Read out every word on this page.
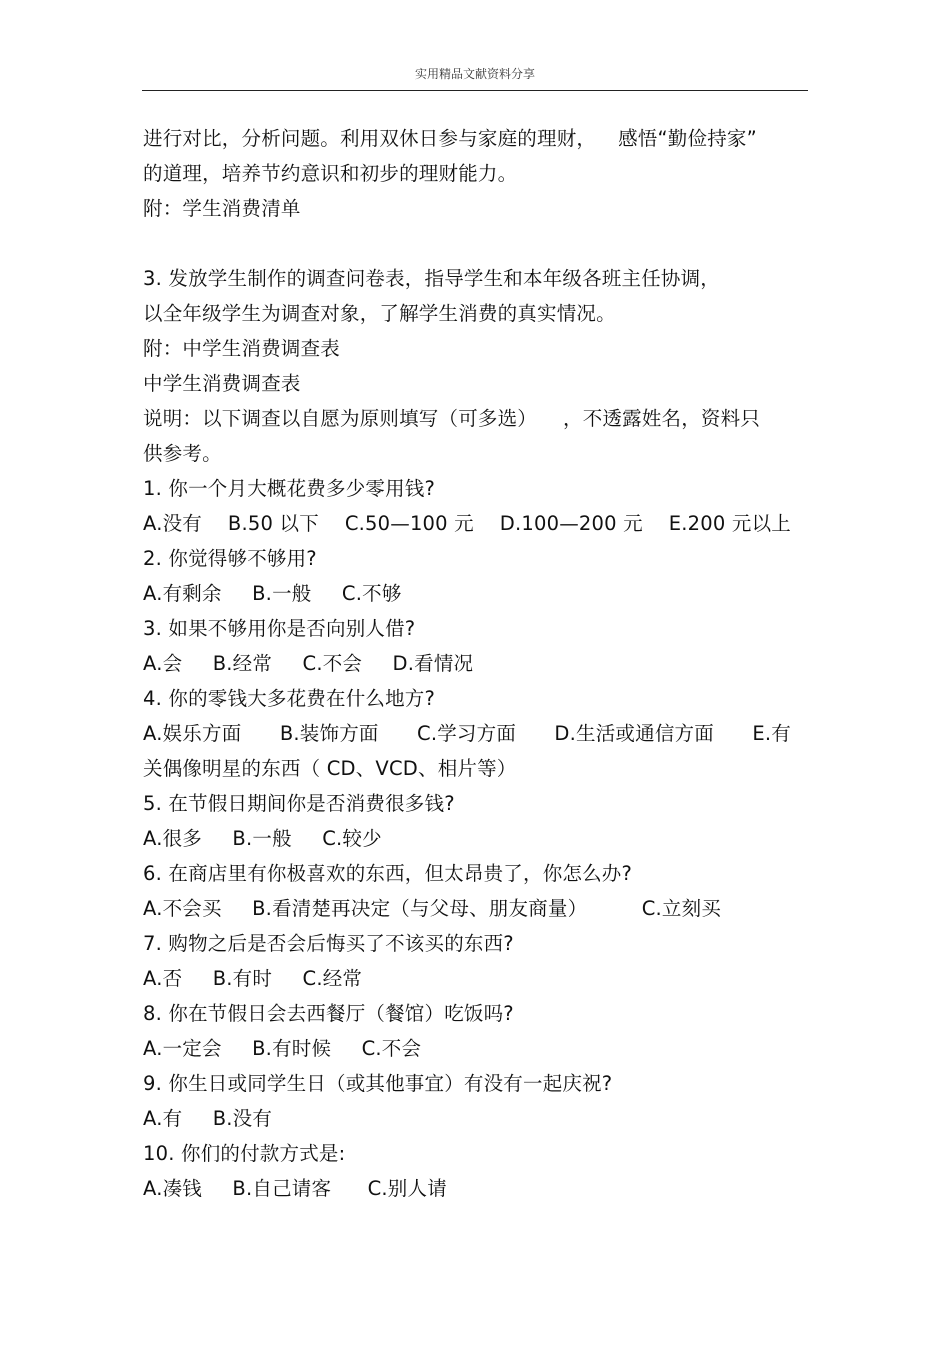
实用精品文献资料分享
进行对比，分析问题。利用双休日参与家庭的理财， 感悟“勤俭持家”
的道理，培养节约意识和初步的理财能力。
附：学生消费清单
3. 发放学生制作的调查问卷表，指导学生和本年级各班主任协调，
以全年级学生为调查对象，了解学生消费的真实情况。
附：中学生消费调查表
中学生消费调查表
说明：以下调查以自愿为原则填写（可多选） ，不透露姓名，资料只
供参考。
1. 你一个月大概花费多少零用钱?
A.没有 B.50 以下 C.50—100 元 D.100—200 元 E.200 元以上
2. 你觉得够不够用?
A.有剩余 B.一般 C.不够
3. 如果不够用你是否向别人借?
A.会 B.经常 C.不会 D.看情况
4. 你的零钱大多花费在什么地方?
A.娱乐方面 B.装饰方面 C.学习方面 D.生活或通信方面 E.有
关偶像明星的东西（ CD、VCD、相片等）
5. 在节假日期间你是否消费很多钱?
A.很多 B.一般 C.较少
6. 在商店里有你极喜欢的东西，但太昂贵了，你怎么办?
A.不会买 B.看清楚再决定（与父母、朋友商量）	C.立刻买
7. 购物之后是否会后悔买了不该买的东西?
A.否 B.有时 C.经常
8. 你在节假日会去西餐厅（餐馆）吃饭吗?
A.一定会 B.有时候 C.不会
9. 你生日或同学生日（或其他事宜）有没有一起庆祝?
A.有 B.没有
10. 你们的付款方式是:
A.凑钱 B.自己请客 C.别人请
